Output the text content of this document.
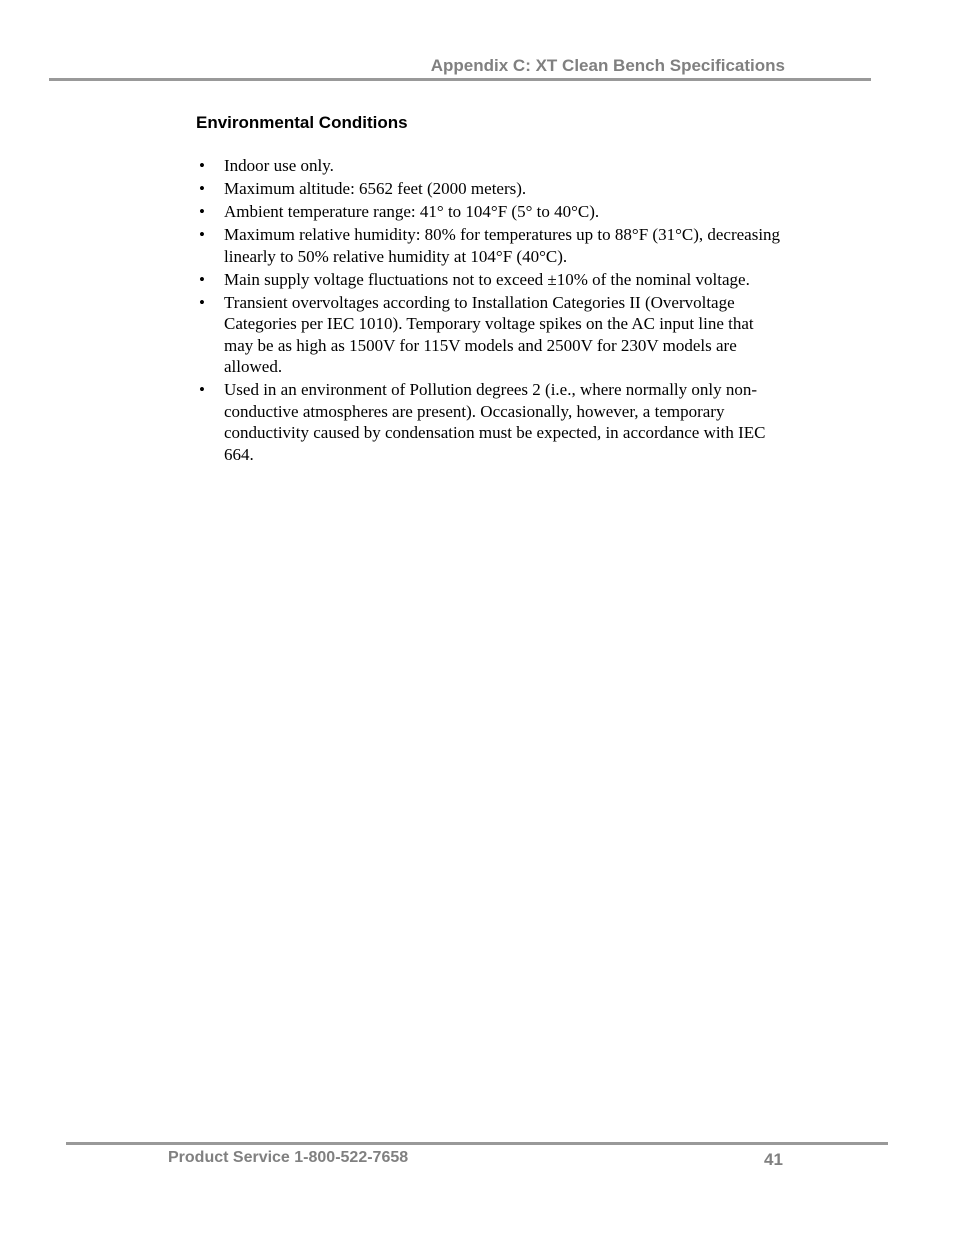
Appendix C: XT Clean Bench Specifications
Environmental Conditions
• Indoor use only.
• Maximum altitude: 6562 feet (2000 meters).
• Ambient temperature range: 41° to 104°F (5° to 40°C).
• Maximum relative humidity: 80% for temperatures up to 88°F (31°C), decreasing linearly to 50% relative humidity at 104°F (40°C).
• Main supply voltage fluctuations not to exceed ±10% of the nominal voltage.
• Transient overvoltages according to Installation Categories II (Overvoltage Categories per IEC 1010). Temporary voltage spikes on the AC input line that may be as high as 1500V for 115V models and 2500V for 230V models are allowed.
• Used in an environment of Pollution degrees 2 (i.e., where normally only non-conductive atmospheres are present). Occasionally, however, a temporary conductivity caused by condensation must be expected, in accordance with IEC 664.
Product Service 1-800-522-7658	41
